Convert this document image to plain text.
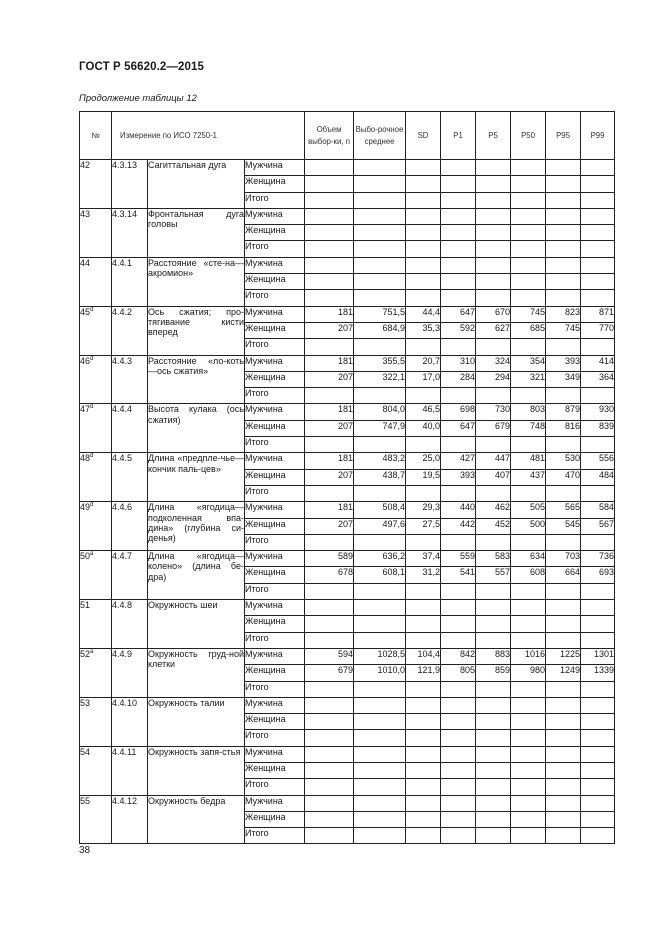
ГОСТ Р 56620.2—2015
Продолжение таблицы 12
№	Измерение по ИСО 7250-1			Объем выбор-ки, n	Выбо-рочное среднее	SD	P1	P5	P50	P95	P99
42	4.3.13	Сагиттальная дуга	Мужчина								
			Женщина								
			Итого								
43	4.3.14	Фронтальная дуга головы	Мужчина								
			Женщина								
			Итого								
44	4.4.1	Расстояние «сте-на—акромион»	Мужчина								
			Женщина								
			Итого								
45$^d$	4.4.2	Ось сжатия; про-тягивание кисти вперед	Мужчина	181	751,5	44,4	647	670	745	823	871
			Женщина	207	684,9	35,3	592	627	685	745	770
			Итого								
46$^d$	4.4.3	Расстояние «ло-коть—ось сжатия»	Мужчина	181	355,5	20,7	310	324	354	393	414
			Женщина	207	322,1	17,0	284	294	321	349	364
			Итого								
47$^d$	4.4.4	Высота кулака (ось сжатия)	Мужчина	181	804,0	46,5	698	730	803	879	930
			Женщина	207	747,9	40,0	647	679	748	816	839
			Итого								
48$^d$	4.4.5	Длина «предплe-чье—кончик паль-цев»	Мужчина	181	483,2	25,0	427	447	481	530	556
			Женщина	207	438,7	19,5	393	407	437	470	484
			Итого								
49$^d$	4.4.6	Длина «ягодица—подколенная впа-дина» (глубина си-денья)	Мужчина	181	508,4	29,3	440	462	505	565	584
			Женщина	207	497,6	27,5	442	452	500	545	567
			Итого								
50$^a$	4.4.7	Длина «ягодица—колено» (длина бе-дра)	Мужчина	589	636,2	37,4	559	583	634	703	736
			Женщина	678	608,1	31,2	541	557	608	664	693
			Итого								
51	4.4.8	Окружность шеи	Мужчина								
			Женщина								
			Итого								
52$^a$	4.4.9	Окружность груд-ной клетки	Мужчина	594	1028,5	104,4	842	883	1016	1225	1301
			Женщина	679	1010,0	121,9	805	859	980	1249	1339
			Итого								
53	4.4.10	Окружность талии	Мужчина								
			Женщина								
			Итого								
54	4.4.11	Окружность запя-стья	Мужчина								
			Женщина								
			Итого								
55	4.4.12	Окружность бедра	Мужчина								
			Женщина								
			Итого								
38
